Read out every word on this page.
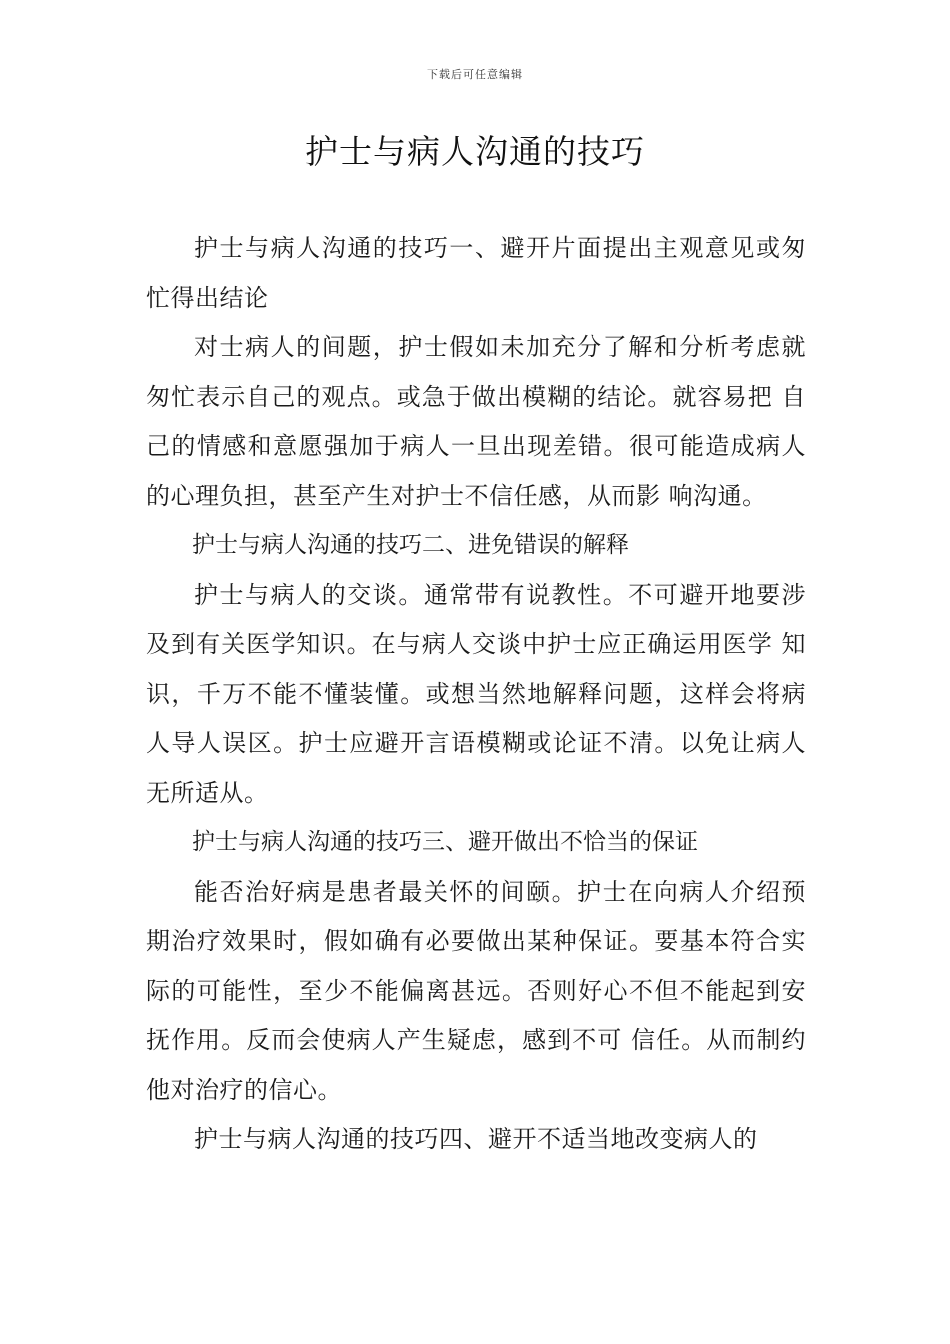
下载后可任意编辑
护士与病人沟通的技巧

护士与病人沟通的技巧一、避开片面提出主观意见或匆忙得出结论

对士病人的间题，护士假如未加充分了解和分析考虑就匆忙表示自己的观点。或急于做出模糊的结论。就容易把 自己的情感和意愿强加于病人一旦出现差错。很可能造成病人的心理负担，甚至产生对护士不信任感，从而影 响沟通。

护士与病人沟通的技巧二、进免错误的解释

护士与病人的交谈。通常带有说教性。不可避开地要涉及到有关医学知识。在与病人交谈中护士应正确运用医学 知识，千万不能不懂装懂。或想当然地解释问题，这样会将病人导人误区。护士应避开言语模糊或论证不清。以免让病人无所适从。

护士与病人沟通的技巧三、避开做出不恰当的保证

能否治好病是患者最关怀的间颐。护士在向病人介绍预期治疗效果时，假如确有必要做出某种保证。要基本符合实际的可能性，至少不能偏离甚远。否则好心不但不能起到安抚作用。反而会使病人产生疑虑，感到不可 信任。从而制约他对治疗的信心。

护士与病人沟通的技巧四、避开不适当地改变病人的
